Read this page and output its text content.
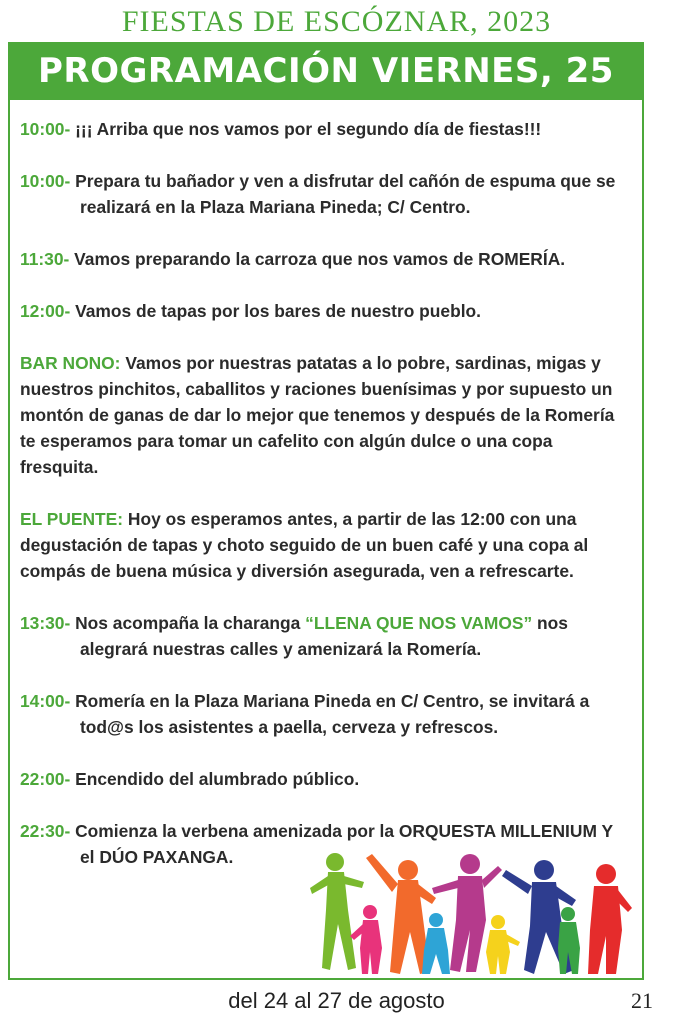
FIESTAS DE ESCÓZNAR, 2023
PROGRAMACIÓN VIERNES, 25
10:00- ¡¡¡ Arriba que nos vamos por el segundo día de fiestas!!!
10:00- Prepara tu bañador y ven a disfrutar del cañón de espuma que se realizará en la Plaza Mariana Pineda; C/ Centro.
11:30- Vamos preparando la carroza que nos vamos de ROMERÍA.
12:00- Vamos de tapas por los bares de nuestro pueblo.
BAR NONO: Vamos por nuestras patatas a lo pobre, sardinas, migas y nuestros pinchitos, caballitos y raciones buenísimas y por supuesto un montón de ganas de dar lo mejor que tenemos y después de la Romería te esperamos para tomar un cafelito con algún dulce o una copa fresquita.
EL PUENTE: Hoy os esperamos antes, a partir de las 12:00 con una degustación de tapas y choto seguido de un buen café y una copa al compás de buena música y diversión asegurada, ven a refrescarte.
13:30- Nos acompaña la charanga “LLENA QUE NOS VAMOS” nos alegrará nuestras calles y amenizará la Romería.
14:00- Romería en la Plaza Mariana Pineda en C/ Centro, se invitará a tod@s los asistentes a paella, cerveza y refrescos.
22:00- Encendido del alumbrado público.
22:30- Comienza la verbena amenizada por la ORQUESTA MILLENIUM Y el DÚO PAXANGA.
del 24 al 27 de agosto	21
